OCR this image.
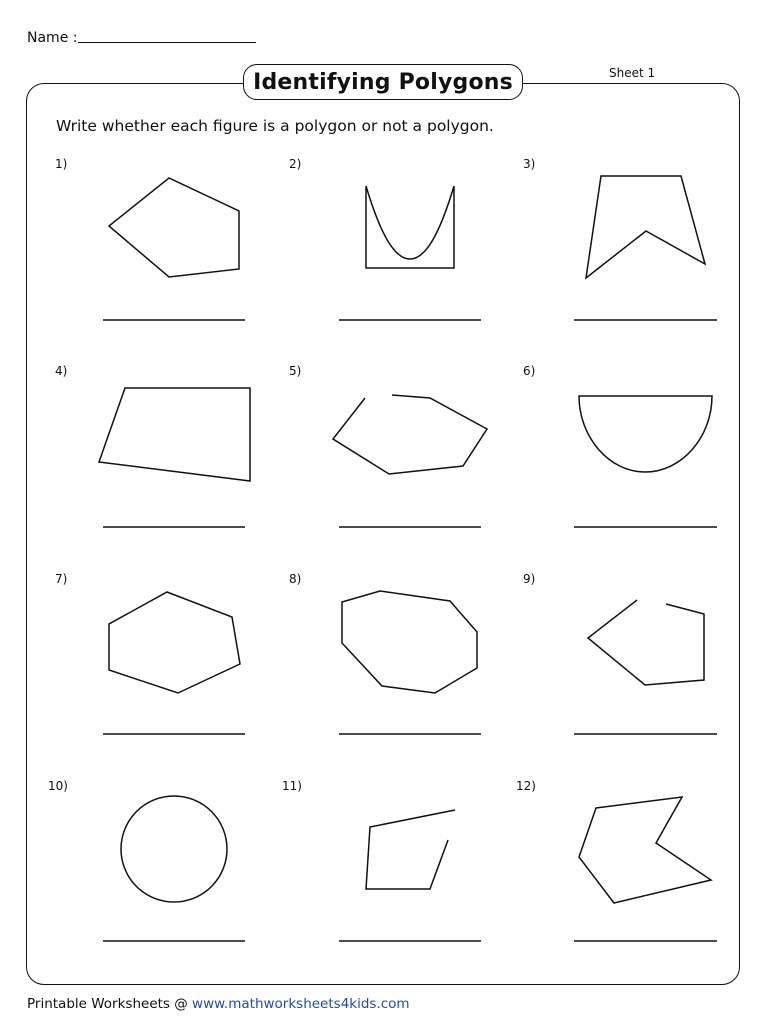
Name :
Identifying Polygons	Sheet 1
Write whether each figure is a polygon or not a polygon.
1)	2)	3)
4)	5)	6)
7)	8)	9)
10)	11)	12)
Printable Worksheets @ www.mathworksheets4kids.com
